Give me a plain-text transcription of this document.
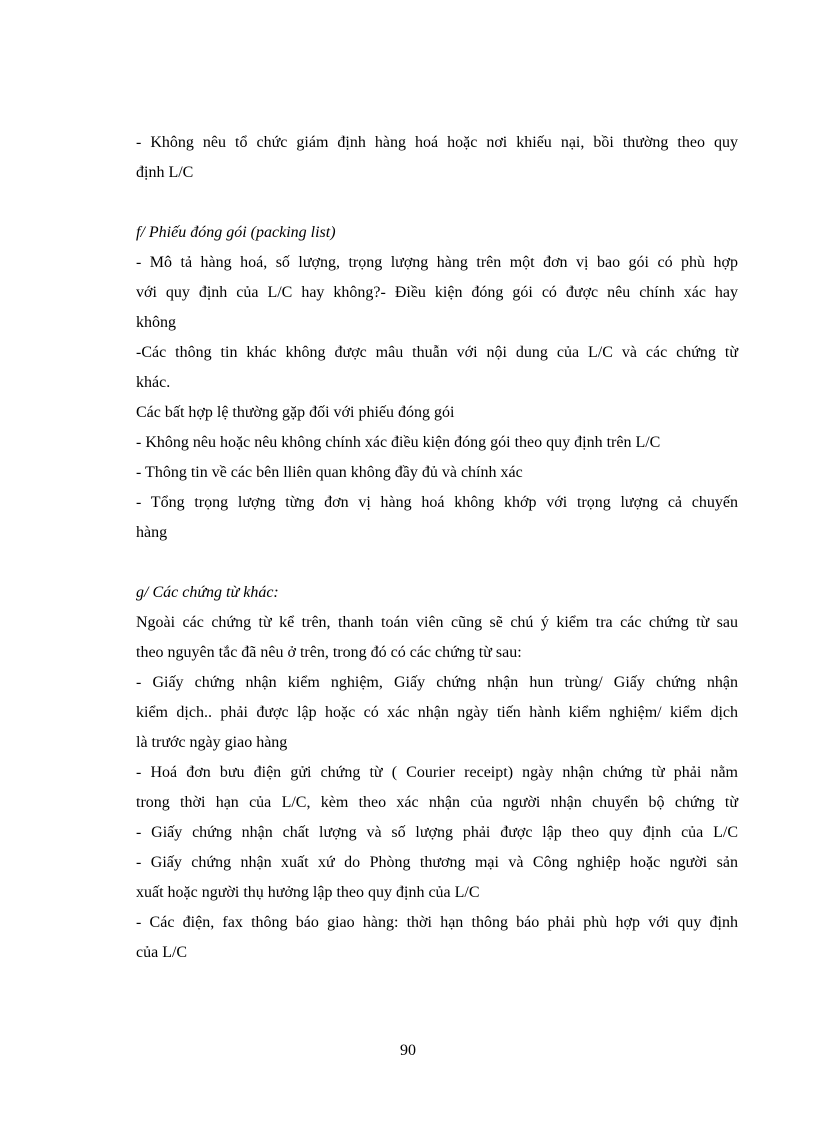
- Không nêu tổ chức giám định hàng hoá hoặc nơi khiếu nại, bồi thường theo quy

định L/C

f/ Phiếu đóng gói (packing list)

- Mô tả hàng hoá, số lượng, trọng lượng hàng trên một đơn vị bao gói có phù hợp

với quy định của L/C hay không?- Điều kiện đóng gói có được nêu chính xác hay

không

-Các thông tin khác không được mâu thuẫn với nội dung của L/C và các chứng từ

khác.

Các bất hợp lệ thường gặp đối với phiếu đóng gói

- Không nêu hoặc nêu không chính xác điều kiện đóng gói theo quy định trên L/C

- Thông tin về các bên lliên quan không đầy đủ và chính xác

- Tổng trọng lượng từng đơn vị hàng hoá không khớp với trọng lượng cả chuyến

hàng

g/ Các chứng từ khác:

Ngoài các chứng từ kể trên, thanh toán viên cũng sẽ chú ý kiểm tra các chứng từ sau

theo nguyên tắc đã nêu ở trên, trong đó có các chứng từ sau:

- Giấy chứng nhận kiểm nghiệm, Giấy chứng nhận hun trùng/ Giấy chứng nhận

kiểm dịch.. phải được lập hoặc có xác nhận ngày tiến hành kiểm nghiệm/ kiểm dịch

là trước ngày giao hàng

- Hoá đơn bưu điện gửi chứng từ ( Courier receipt) ngày nhận chứng từ phải nằm

trong thời hạn của L/C, kèm theo xác nhận của người nhận chuyển bộ chứng từ

- Giấy chứng nhận chất lượng và số lượng phải được lập theo quy định của L/C

- Giấy chứng nhận xuất xứ do Phòng thương mại và Công nghiệp hoặc người sản

xuất hoặc người thụ hưởng lập theo quy định của L/C

- Các điện, fax thông báo giao hàng: thời hạn thông báo phải phù hợp với quy định

của L/C

90
